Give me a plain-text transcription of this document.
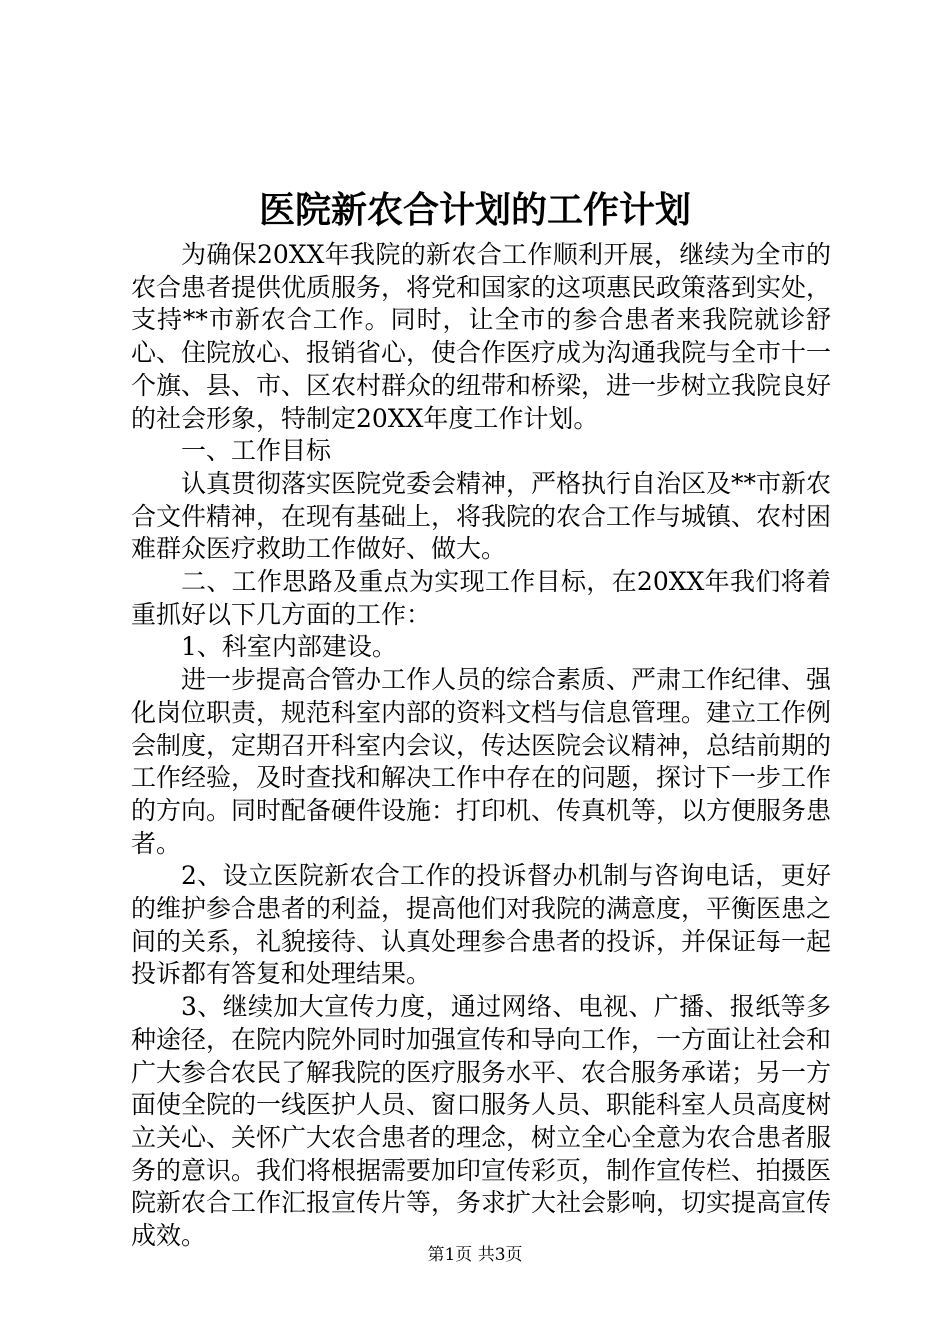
医院新农合计划的工作计划

为确保20XX年我院的新农合工作顺利开展，继续为全市的农合患者提供优质服务，将党和国家的这项惠民政策落到实处，支持**市新农合工作。同时，让全市的参合患者来我院就诊舒心、住院放心、报销省心，使合作医疗成为沟通我院与全市十一个旗、县、市、区农村群众的纽带和桥梁，进一步树立我院良好的社会形象，特制定20XX年度工作计划。

一、工作目标

认真贯彻落实医院党委会精神，严格执行自治区及**市新农合文件精神，在现有基础上，将我院的农合工作与城镇、农村困难群众医疗救助工作做好、做大。

二、工作思路及重点为实现工作目标，在20XX年我们将着重抓好以下几方面的工作：

1、科室内部建设。

进一步提高合管办工作人员的综合素质、严肃工作纪律、强化岗位职责，规范科室内部的资料文档与信息管理。建立工作例会制度，定期召开科室内会议，传达医院会议精神，总结前期的工作经验，及时查找和解决工作中存在的问题，探讨下一步工作的方向。同时配备硬件设施：打印机、传真机等，以方便服务患者。

2、设立医院新农合工作的投诉督办机制与咨询电话，更好的维护参合患者的利益，提高他们对我院的满意度，平衡医患之间的关系，礼貌接待、认真处理参合患者的投诉，并保证每一起投诉都有答复和处理结果。

3、继续加大宣传力度，通过网络、电视、广播、报纸等多种途径，在院内院外同时加强宣传和导向工作，一方面让社会和广大参合农民了解我院的医疗服务水平、农合服务承诺；另一方面使全院的一线医护人员、窗口服务人员、职能科室人员高度树立关心、关怀广大农合患者的理念，树立全心全意为农合患者服务的意识。我们将根据需要加印宣传彩页，制作宣传栏、拍摄医院新农合工作汇报宣传片等，务求扩大社会影响，切实提高宣传成效。

第1页 共3页
